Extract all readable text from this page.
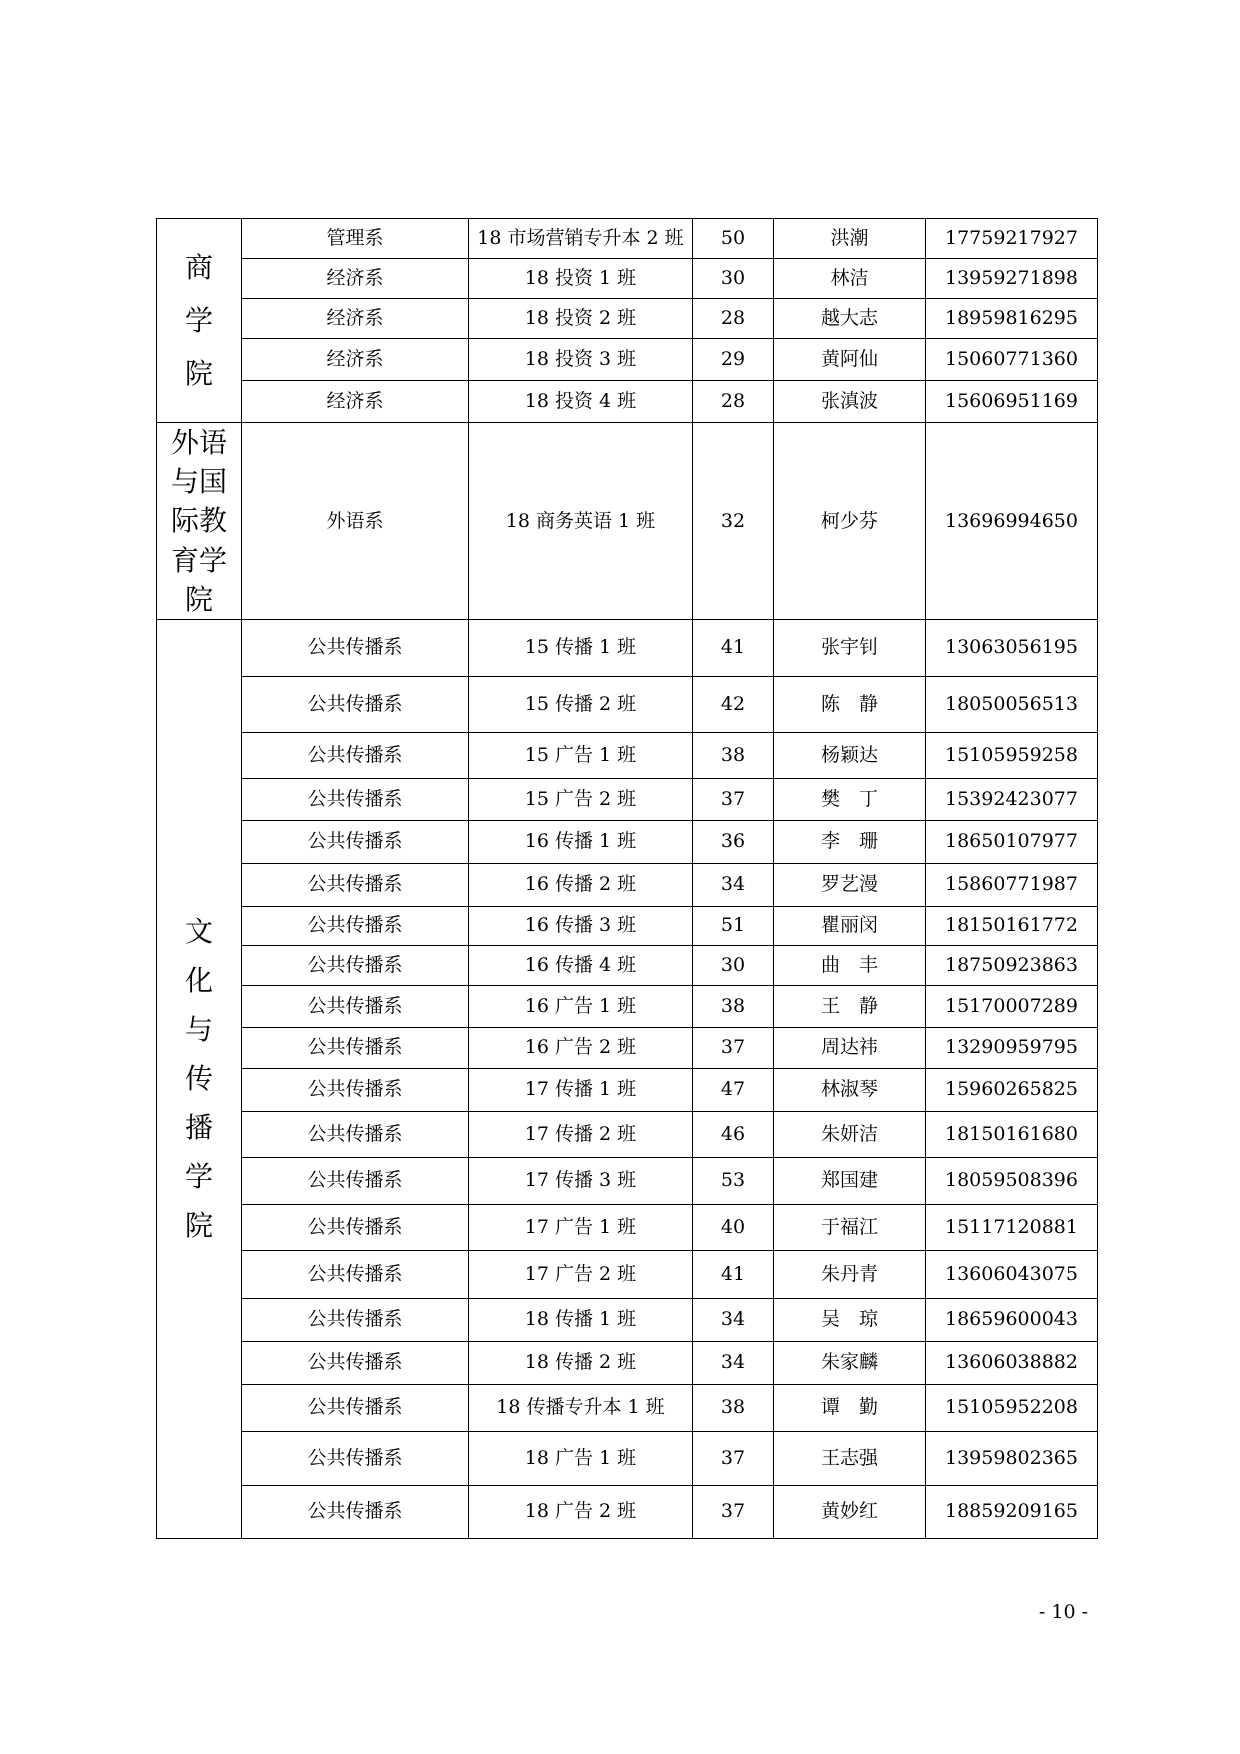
商学院	管理系	18 市场营销专升本 2 班	50	洪潮	17759217927
	经济系	18 投资 1 班	30	林洁	13959271898
	经济系	18 投资 2 班	28	越大志	18959816295
	经济系	18 投资 3 班	29	黄阿仙	15060771360
	经济系	18 投资 4 班	28	张滇波	15606951169
外语与国际教育学院	外语系	18 商务英语 1 班	32	柯少芬	13696994650
文化与传播学院	公共传播系	15 传播 1 班	41	张宇钊	13063056195
	公共传播系	15 传播 2 班	42	陈　静	18050056513
	公共传播系	15 广告 1 班	38	杨颖达	15105959258
	公共传播系	15 广告 2 班	37	樊　丁	15392423077
	公共传播系	16 传播 1 班	36	李　珊	18650107977
	公共传播系	16 传播 2 班	34	罗艺漫	15860771987
	公共传播系	16 传播 3 班	51	瞿丽闵	18150161772
	公共传播系	16 传播 4 班	30	曲　丰	18750923863
	公共传播系	16 广告 1 班	38	王　静	15170007289
	公共传播系	16 广告 2 班	37	周达祎	13290959795
	公共传播系	17 传播 1 班	47	林淑琴	15960265825
	公共传播系	17 传播 2 班	46	朱妍洁	18150161680
	公共传播系	17 传播 3 班	53	郑国建	18059508396
	公共传播系	17 广告 1 班	40	于福江	15117120881
	公共传播系	17 广告 2 班	41	朱丹青	13606043075
	公共传播系	18 传播 1 班	34	吴　琼	18659600043
	公共传播系	18 传播 2 班	34	朱家麟	13606038882
	公共传播系	18 传播专升本 1 班	38	谭　勤	15105952208
	公共传播系	18 广告 1 班	37	王志强	13959802365
	公共传播系	18 广告 2 班	37	黄妙红	18859209165
- 10 -
